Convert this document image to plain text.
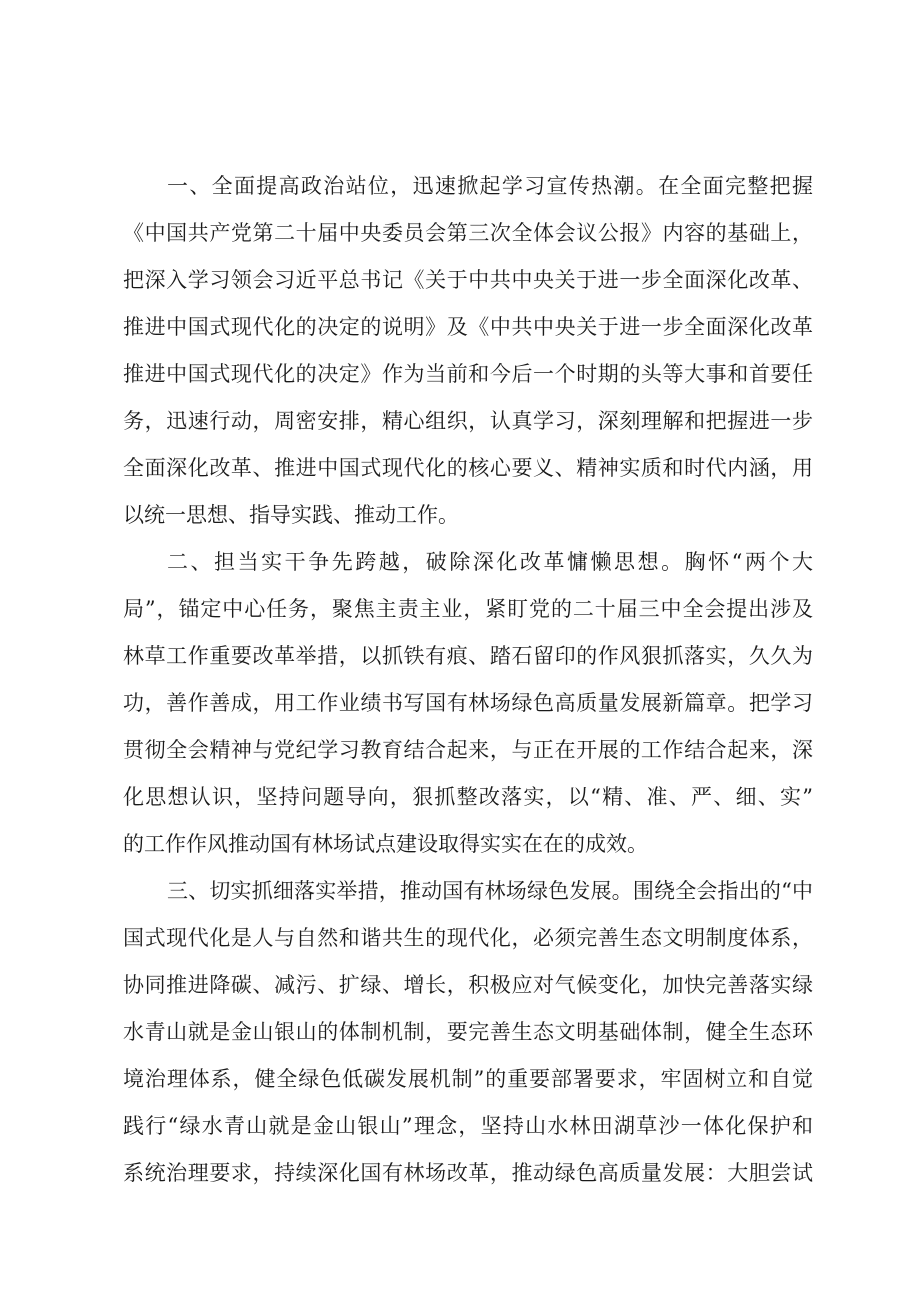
一、全面提高政治站位，迅速掀起学习宣传热潮。在全面完整把握
《中国共产党第二十届中央委员会第三次全体会议公报》内容的基础上，
把深入学习领会习近平总书记《关于中共中央关于进一步全面深化改革、
推进中国式现代化的决定的说明》及《中共中央关于进一步全面深化改革
推进中国式现代化的决定》作为当前和今后一个时期的头等大事和首要任
务，迅速行动，周密安排，精心组织，认真学习，深刻理解和把握进一步
全面深化改革、推进中国式现代化的核心要义、精神实质和时代内涵，用
以统一思想、指导实践、推动工作。
二、担当实干争先跨越，破除深化改革慵懒思想。胸怀“两个大
局”，锚定中心任务，聚焦主责主业，紧盯党的二十届三中全会提出涉及
林草工作重要改革举措，以抓铁有痕、踏石留印的作风狠抓落实，久久为
功，善作善成，用工作业绩书写国有林场绿色高质量发展新篇章。把学习
贯彻全会精神与党纪学习教育结合起来，与正在开展的工作结合起来，深
化思想认识，坚持问题导向，狠抓整改落实，以“精、准、严、细、实”
的工作作风推动国有林场试点建设取得实实在在的成效。
三、切实抓细落实举措，推动国有林场绿色发展。围绕全会指出的“中
国式现代化是人与自然和谐共生的现代化，必须完善生态文明制度体系，
协同推进降碳、减污、扩绿、增长，积极应对气候变化，加快完善落实绿
水青山就是金山银山的体制机制，要完善生态文明基础体制，健全生态环
境治理体系，健全绿色低碳发展机制”的重要部署要求，牢固树立和自觉
践行“绿水青山就是金山银山”理念，坚持山水林田湖草沙一体化保护和
系统治理要求，持续深化国有林场改革，推动绿色高质量发展：大胆尝试
